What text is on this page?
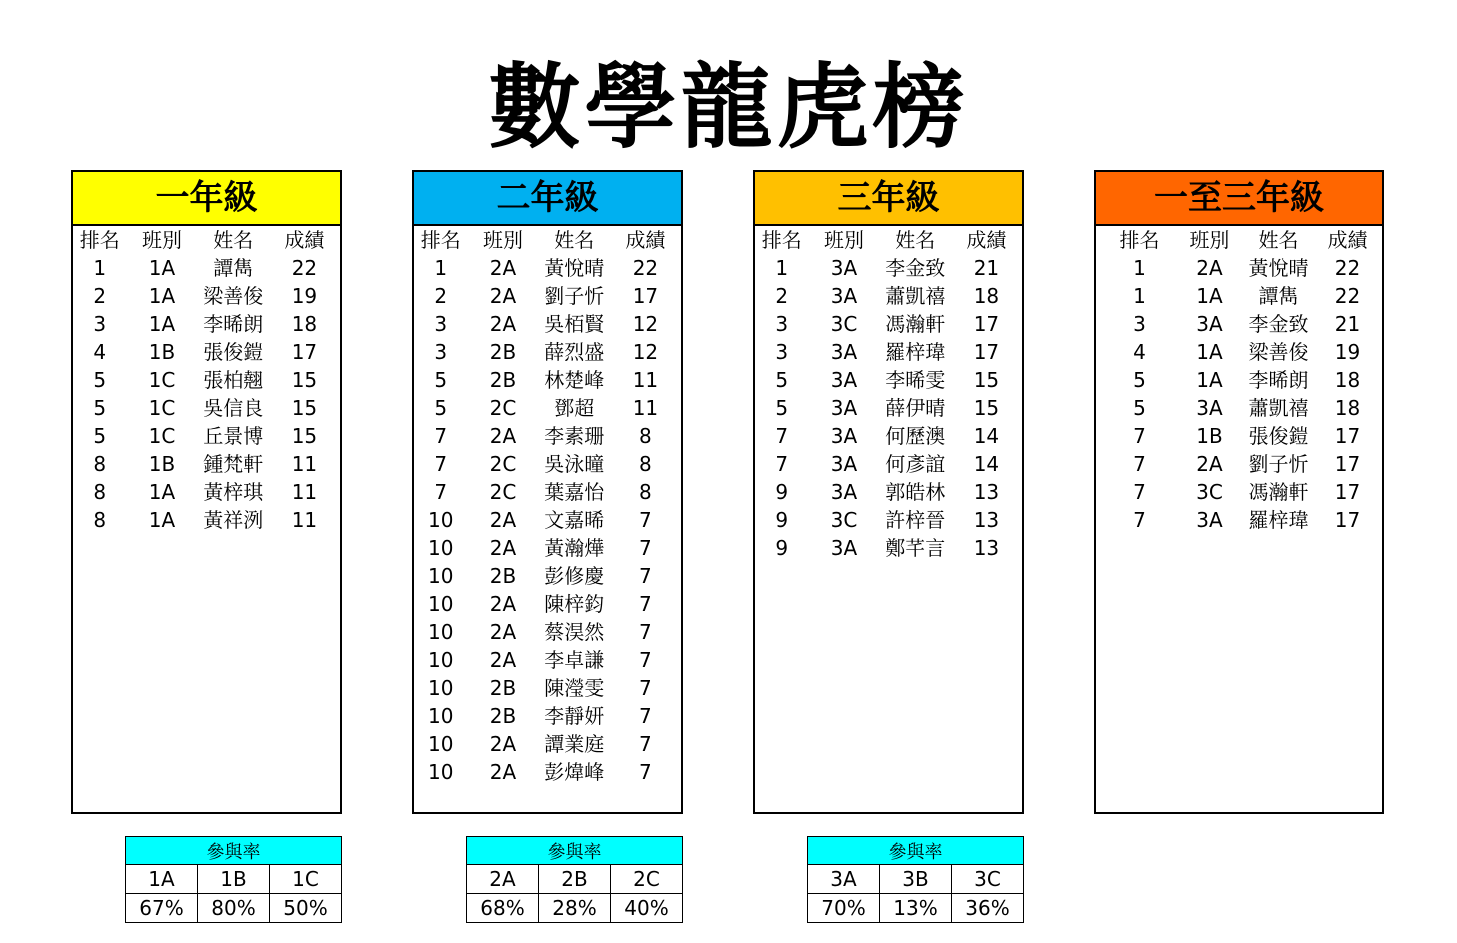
數學龍虎榜
一年級
排名	班別	姓名	成績
1	1A	譚雋	22
2	1A	梁善俊	19
3	1A	李晞朗	18
4	1B	張俊鎧	17
5	1C	張柏翹	15
5	1C	吳信良	15
5	1C	丘景博	15
8	1B	鍾梵軒	11
8	1A	黃梓琪	11
8	1A	黃祥洌	11
二年級
排名	班別	姓名	成績
1	2A	黃悅晴	22
2	2A	劉子忻	17
3	2A	吳栢賢	12
3	2B	薛烈盛	12
5	2B	林楚峰	11
5	2C	鄧超	11
7	2A	李素珊	8
7	2C	吳泳曈	8
7	2C	葉嘉怡	8
10	2A	文嘉晞	7
10	2A	黃瀚燁	7
10	2B	彭修慶	7
10	2A	陳梓鈞	7
10	2A	蔡淏然	7
10	2A	李卓謙	7
10	2B	陳瀅雯	7
10	2B	李靜妍	7
10	2A	譚業庭	7
10	2A	彭煒峰	7
三年級
排名	班別	姓名	成績
1	3A	李金致	21
2	3A	蕭凱禧	18
3	3C	馮瀚軒	17
3	3A	羅梓瑋	17
5	3A	李晞雯	15
5	3A	薛伊晴	15
7	3A	何歷澳	14
7	3A	何彥誼	14
9	3A	郭皓林	13
9	3C	許梓晉	13
9	3A	鄭芊言	13
一至三年級
排名	班別	姓名	成績
1	2A	黃悅晴	22
1	1A	譚雋	22
3	3A	李金致	21
4	1A	梁善俊	19
5	1A	李晞朗	18
5	3A	蕭凱禧	18
7	1B	張俊鎧	17
7	2A	劉子忻	17
7	3C	馮瀚軒	17
7	3A	羅梓瑋	17
參與率		
1A	1B	1C
67%	80%	50%
參與率		
2A	2B	2C
68%	28%	40%
參與率		
3A	3B	3C
70%	13%	36%
